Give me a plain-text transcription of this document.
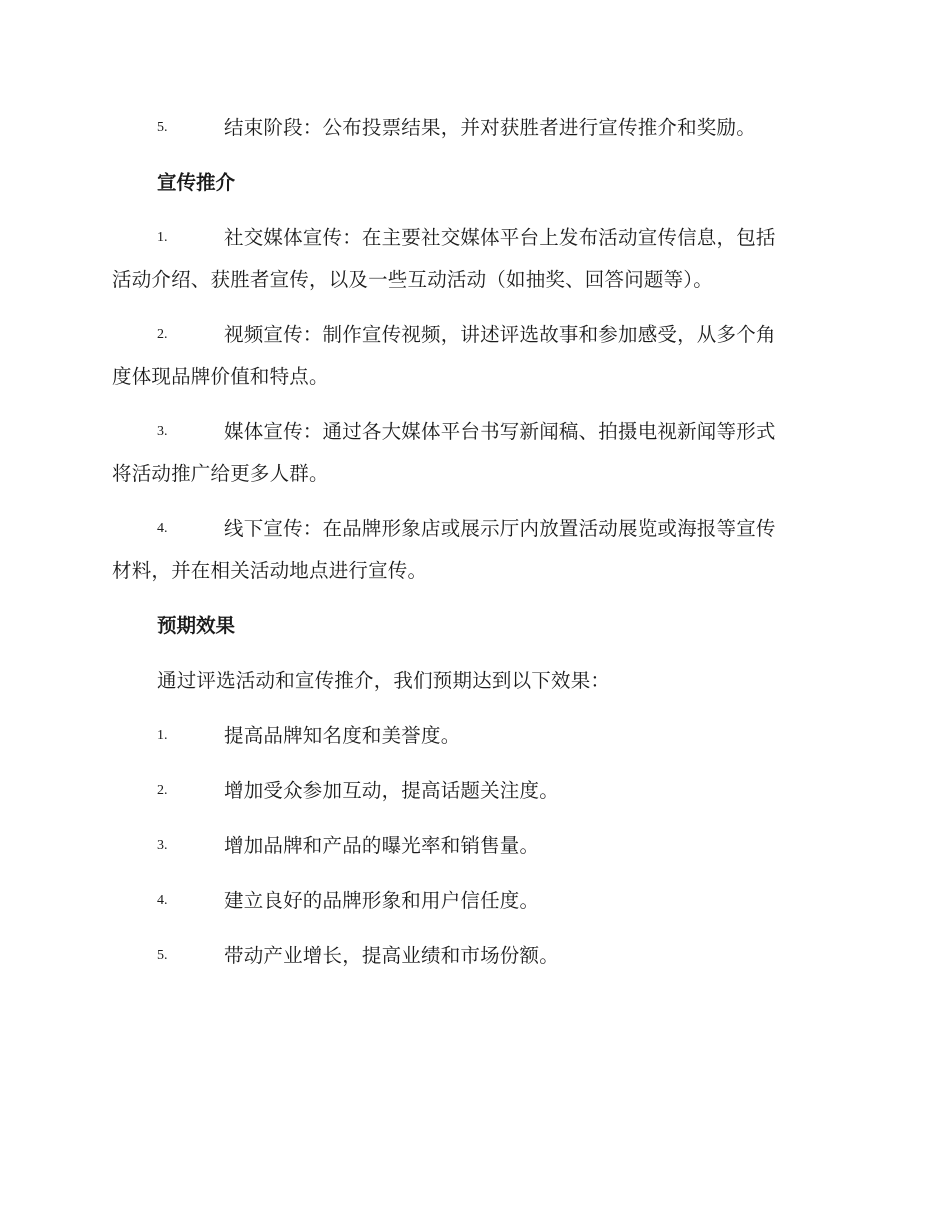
5.	结束阶段：公布投票结果，并对获胜者进行宣传推介和奖励。
宣传推介
1.	社交媒体宣传：在主要社交媒体平台上发布活动宣传信息，包括
活动介绍、获胜者宣传，以及一些互动活动（如抽奖、回答问题等）。
2.	视频宣传：制作宣传视频，讲述评选故事和参加感受，从多个角
度体现品牌价值和特点。
3.	媒体宣传：通过各大媒体平台书写新闻稿、拍摄电视新闻等形式
将活动推广给更多人群。
4.	线下宣传：在品牌形象店或展示厅内放置活动展览或海报等宣传
材料，并在相关活动地点进行宣传。
预期效果
通过评选活动和宣传推介，我们预期达到以下效果：
1.	提高品牌知名度和美誉度。
2.	增加受众参加互动，提高话题关注度。
3.	增加品牌和产品的曝光率和销售量。
4.	建立良好的品牌形象和用户信任度。
5.	带动产业增长，提高业绩和市场份额。
